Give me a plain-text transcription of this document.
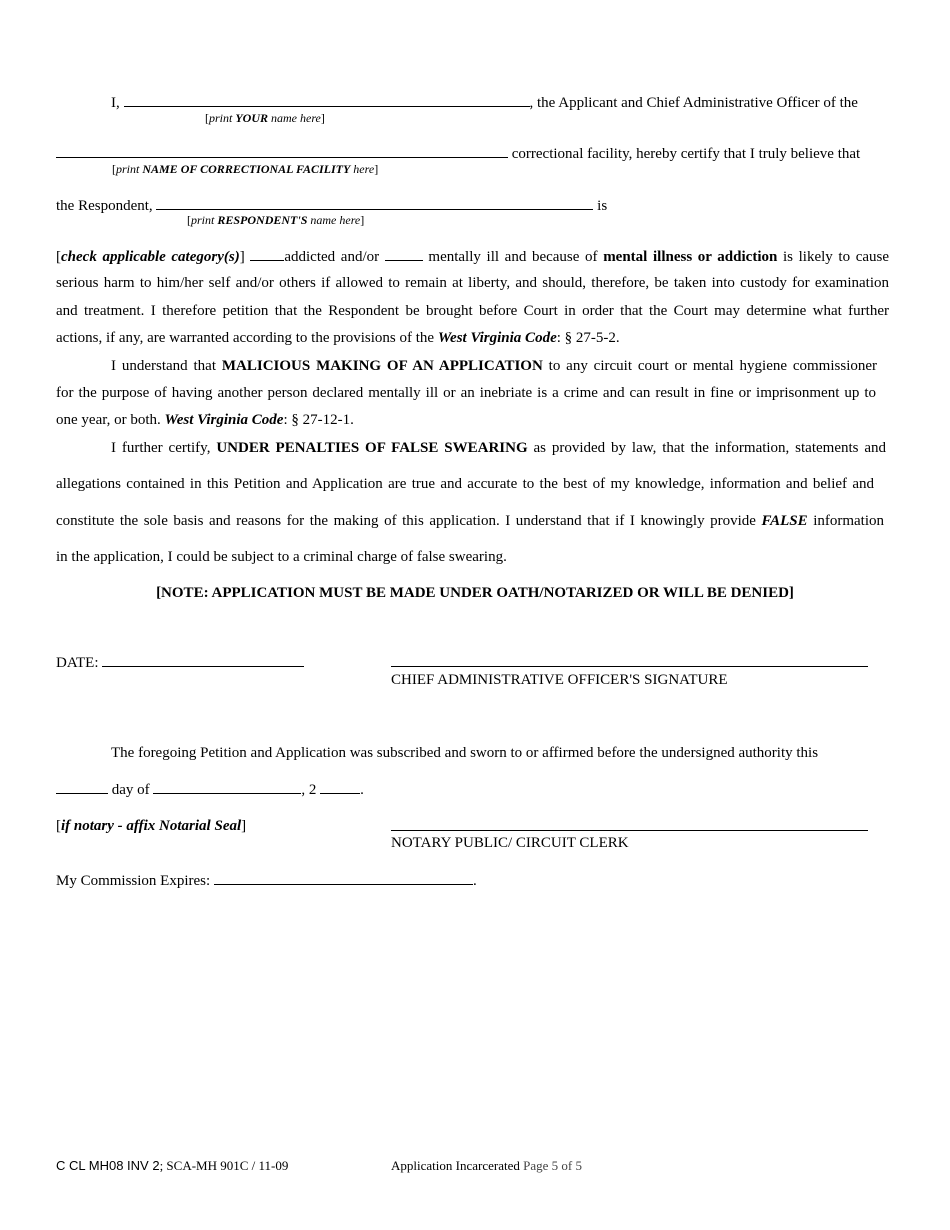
I,	, the Applicant and Chief Administrative Officer of the
[print YOUR name here]
correctional facility, hereby certify that I truly believe that
[print NAME OF CORRECTIONAL FACILITY here]
the Respondent,	is
[print RESPONDENT'S name here]
[check applicable category(s)] addicted and/or	mentally ill and because of mental illness or addiction is likely to cause
serious harm to him/her self and/or others if allowed to remain at liberty, and should, therefore, be taken into custody for examination
and treatment. I therefore petition that the Respondent be brought before Court in order that the Court may determine what further
actions, if any, are warranted according to the provisions of the West Virginia Code: § 27-5-2.
I understand that MALICIOUS MAKING OF AN APPLICATION to any circuit court or mental hygiene commissioner
for the purpose of having another person declared mentally ill or an inebriate is a crime and can result in fine or imprisonment up to
one year, or both. West Virginia Code: § 27-12-1.
I further certify, UNDER PENALTIES OF FALSE SWEARING as provided by law, that the information, statements and
allegations contained in this Petition and Application are true and accurate to the best of my knowledge, information and belief and
constitute the sole basis and reasons for the making of this application. I understand that if I knowingly provide FALSE information
in the application, I could be subject to a criminal charge of false swearing.
[NOTE: APPLICATION MUST BE MADE UNDER OATH/NOTARIZED OR WILL BE DENIED]
DATE:
CHIEF ADMINISTRATIVE OFFICER'S SIGNATURE
The foregoing Petition and Application was subscribed and sworn to or affirmed before the undersigned authority this
day of	, 2	.
[if notary - affix Notarial Seal]
NOTARY PUBLIC/ CIRCUIT CLERK
My Commission Expires:	.
C CL MH08 INV 2; SCA-MH 901C / 11-09	Application Incarcerated Page 5 of 5
